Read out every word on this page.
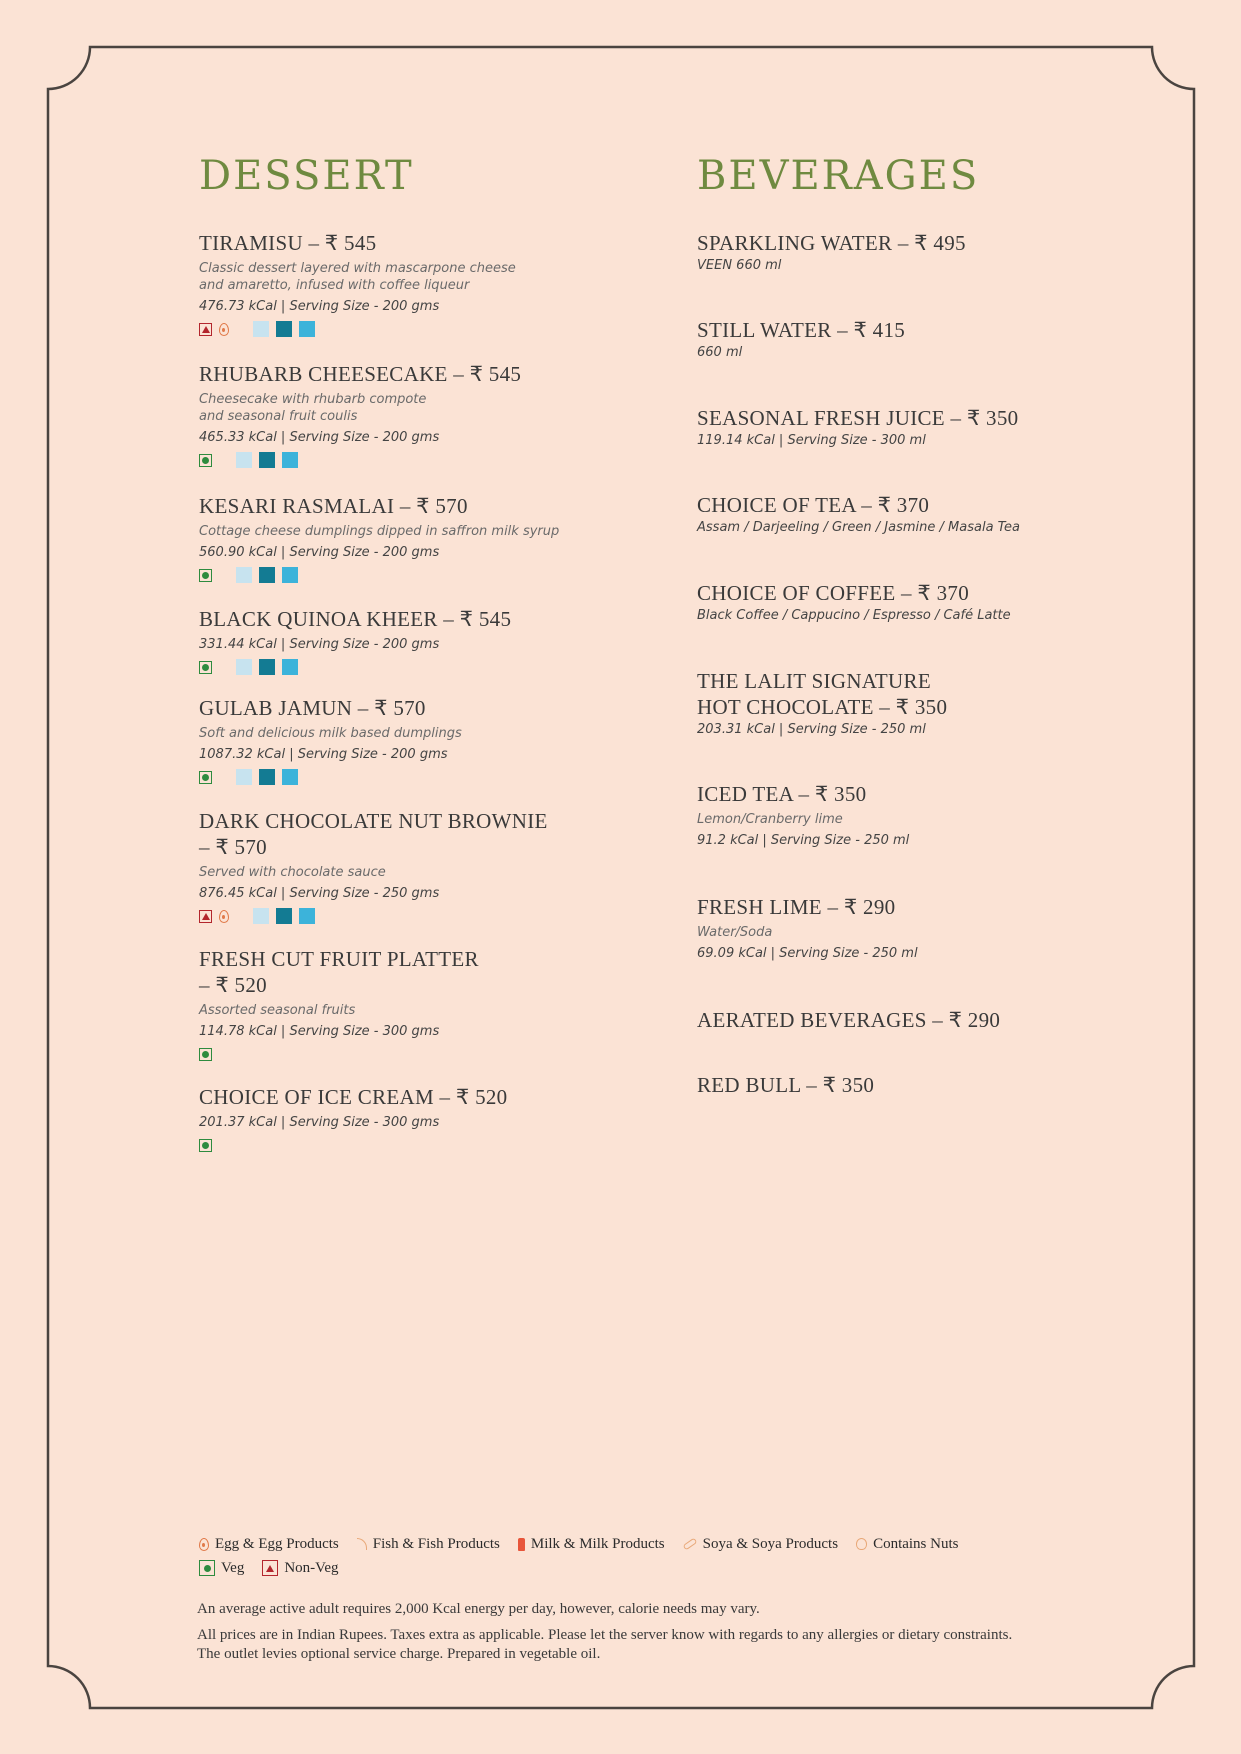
DESSERT
TIRAMISU – ₹ 545
Classic dessert layered with mascarpone cheese
and amaretto, infused with coffee liqueur
476.73 kCal | Serving Size - 200 gms
RHUBARB CHEESECAKE – ₹ 545
Cheesecake with rhubarb compote
and seasonal fruit coulis
465.33 kCal | Serving Size - 200 gms
KESARI RASMALAI – ₹ 570
Cottage cheese dumplings dipped in saffron milk syrup
560.90 kCal | Serving Size - 200 gms
BLACK QUINOA KHEER – ₹ 545
331.44 kCal | Serving Size - 200 gms
GULAB JAMUN – ₹ 570
Soft and delicious milk based dumplings
1087.32 kCal | Serving Size - 200 gms
DARK CHOCOLATE NUT BROWNIE
– ₹ 570
Served with chocolate sauce
876.45 kCal | Serving Size - 250 gms
FRESH CUT FRUIT PLATTER
– ₹ 520
Assorted seasonal fruits
114.78 kCal | Serving Size - 300 gms
CHOICE OF ICE CREAM – ₹ 520
201.37 kCal | Serving Size - 300 gms
BEVERAGES
SPARKLING WATER – ₹ 495
VEEN 660 ml
STILL WATER – ₹ 415
660 ml
SEASONAL FRESH JUICE – ₹ 350
119.14 kCal | Serving Size - 300 ml
CHOICE OF TEA – ₹ 370
Assam / Darjeeling / Green / Jasmine / Masala Tea
CHOICE OF COFFEE – ₹ 370
Black Coffee / Cappucino / Espresso / Café Latte
THE LALIT SIGNATURE
HOT CHOCOLATE – ₹ 350
203.31 kCal | Serving Size - 250 ml
ICED TEA – ₹ 350
Lemon/Cranberry lime
91.2 kCal | Serving Size - 250 ml
FRESH LIME – ₹ 290
Water/Soda
69.09 kCal | Serving Size - 250 ml
AERATED BEVERAGES – ₹ 290
RED BULL – ₹ 350
Egg & Egg Products Fish & Fish Products Milk & Milk Products	Soya & Soya Products Contains Nuts
Veg	Non-Veg

An average active adult requires 2,000 Kcal energy per day, however, calorie needs may vary.

All prices are in Indian Rupees. Taxes extra as applicable. Please let the server know with regards to any allergies or dietary constraints.

The outlet levies optional service charge. Prepared in vegetable oil.
